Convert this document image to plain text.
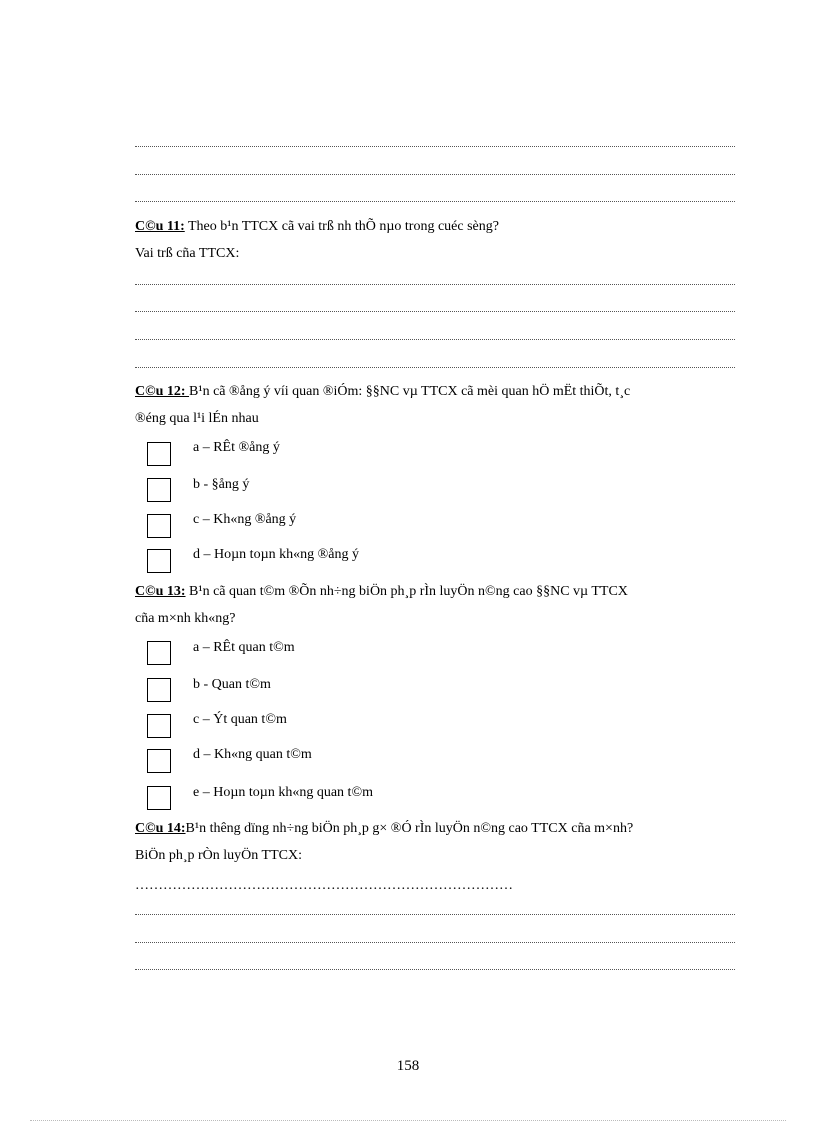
C©u 11: Theo b¹n TTCX cã vai trß nh thÕ nµo trong cuéc sèng?
Vai trß cña TTCX:
C©u 12: B¹n cã ®ång ý víi quan ®iÓm: §§NC vµ TTCX cã mèi quan hÖ mËt thiÕt, t¸c
®éng qua l¹i lÉn nhau
a – RÊt ®ång ý
b - §ång ý
c – Kh«ng ®ång ý
d – Hoµn toµn kh«ng ®ång ý
C©u 13: B¹n cã quan t©m ®Õn nh÷ng biÖn ph¸p rÌn luyÖn n©ng cao §§NC vµ TTCX
cña m×nh kh«ng?
a – RÊt quan t©m
b - Quan t©m
c – Ýt quan t©m
d – Kh«ng quan t©m
e – Hoµn toµn kh«ng quan t©m
C©u 14:B¹n thêng dïng nh÷ng biÖn ph¸p g× ®Ó rÌn luyÖn n©ng cao TTCX cña m×nh?
BiÖn ph¸p rÒn luyÖn TTCX:
………………………………………………………………………
158
